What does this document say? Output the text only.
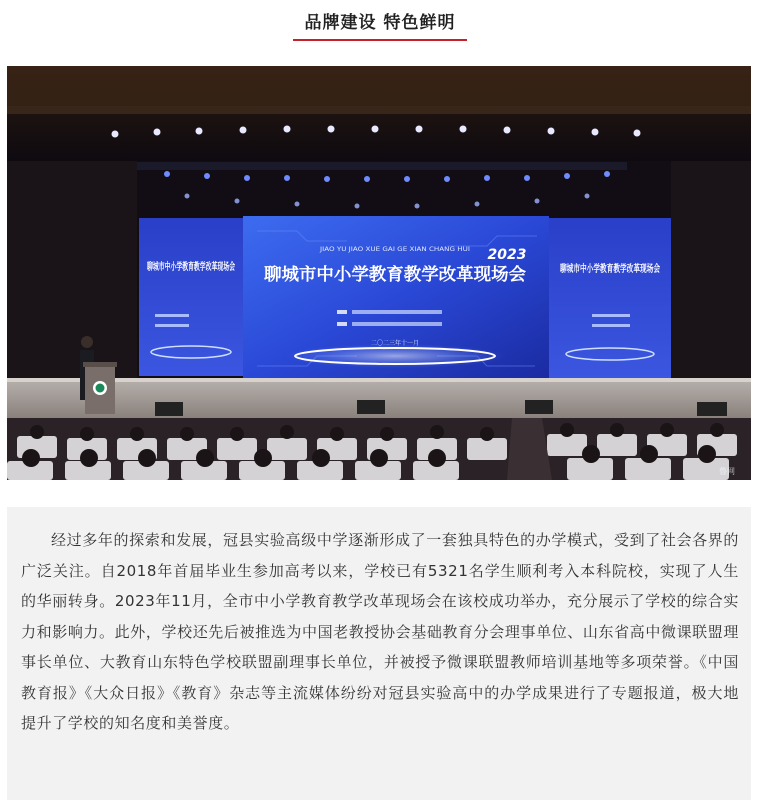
品牌建设 特色鲜明
聊城市中小学教育教学改革现场会	聊城市中小学教育教学改革现场会
JIAO YU JIAO XUE GAI GE XIAN CHANG HUI 2023
聊城市中小学教育教学改革现场会
二〇二三年十一月
鲁网

经过多年的探索和发展，冠县实验高级中学逐渐形成了一套独具特色的办学模式，受到了社会各界的广泛关注。自2018年首届毕业生参加高考以来，学校已有5321名学生顺利考入本科院校，实现了人生的华丽转身。2023年11月，全市中小学教育教学改革现场会在该校成功举办，充分展示了学校的综合实力和影响力。此外，学校还先后被推选为中国老教授协会基础教育分会理事单位、山东省高中微课联盟理事长单位、大教育山东特色学校联盟副理事长单位，并被授予微课联盟教师培训基地等多项荣誉。《中国教育报》《大众日报》《教育》杂志等主流媒体纷纷对冠县实验高中的办学成果进行了专题报道，极大地提升了学校的知名度和美誉度。
